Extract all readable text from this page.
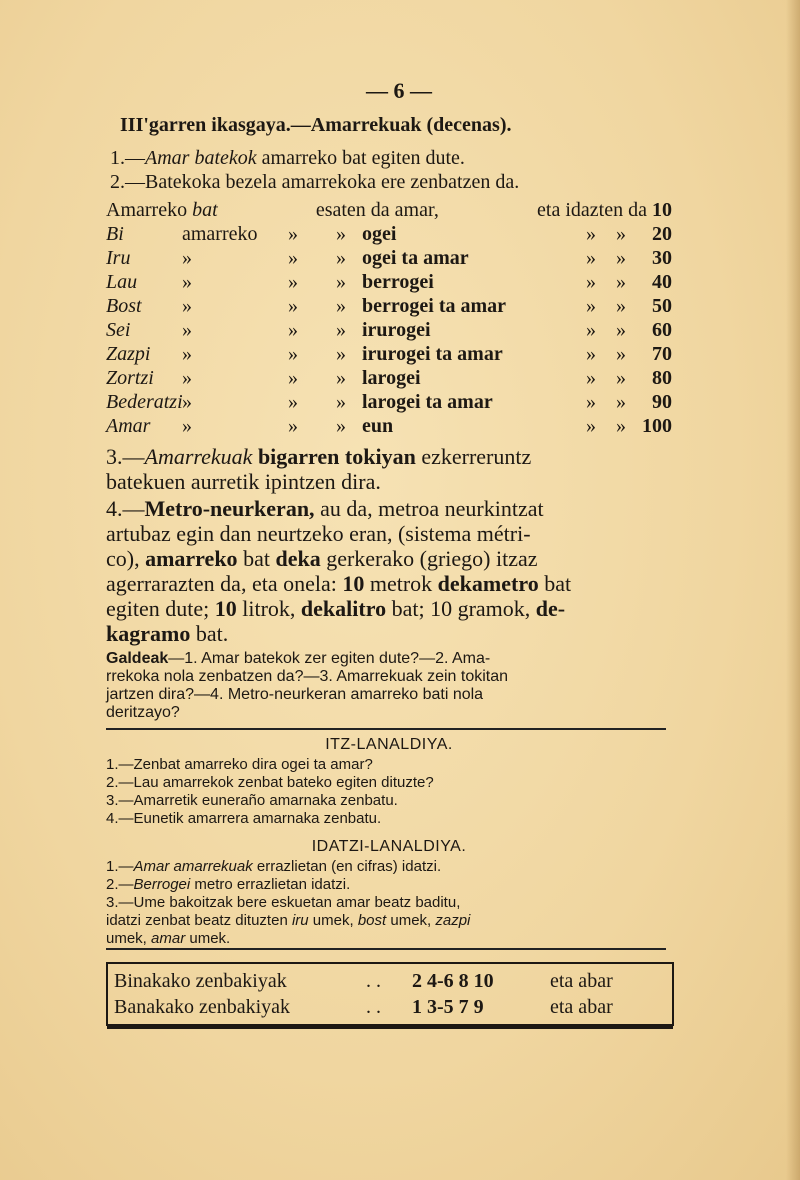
— 6 —
III'garren ikasgaya.—Amarrekuak (decenas).
1.—Amar batekok amarreko bat egiten dute.
2.—Batekoka bezela amarrekoka ere zenbatzen da.
Amarreko bat	esaten da amar,	eta idazten da 10
Bi	amarreko	»	» ogei	»	»	20
Iru	»	»	» ogei ta amar	»	»	30
Lau	»	»	» berrogei	»	»	40
Bost	»	»	» berrogei ta amar	»	»	50
Sei	»	»	» irurogei	»	»	60
Zazpi	»	»	» irurogei ta amar	»	»	70
Zortzi	»	»	» larogei	»	»	80
Bederatzi »	»	» larogei ta amar	»	»	90
Amar	»	»	» eun	»	» 100
3.—Amarrekuak bigarren tokiyan ezkerreruntz
batekuen aurretik ipintzen dira.
4.—Metro-neurkeran, au da, metroa neurkintzat
artubaz egin dan neurtzeko eran, (sistema métri-
co), amarreko bat deka gerkerako (griego) itzaz
agerrarazten da, eta onela: 10 metrok dekametro bat
egiten dute; 10 litrok, dekalitro bat; 10 gramok, de-
kagramo bat.
Galdeak—1. Amar batekok zer egiten dute?—2. Ama-
rrekoka nola zenbatzen da?—3. Amarrekuak zein tokitan
jartzen dira?—4. Metro-neurkeran amarreko bati nola
deritzayo?
ITZ-LANALDIYA.
1.—Zenbat amarreko dira ogei ta amar?
2.—Lau amarrekok zenbat bateko egiten dituzte?
3.—Amarretik euneraño amarnaka zenbatu.
4.—Eunetik amarrera amarnaka zenbatu.
IDATZI-LANALDIYA.
1.—Amar amarrekuak errazlietan (en cifras) idatzi.
2.—Berrogei metro errazlietan idatzi.
3.—Ume bakoitzak bere eskuetan amar beatz baditu,
idatzi zenbat beatz dituzten iru umek, bost umek, zazpi
umek, amar umek.
Binakako zenbakiyak	. .	2 4-6 8 10	eta abar
Banakako zenbakiyak	. .	1 3-5 7 9	eta abar
